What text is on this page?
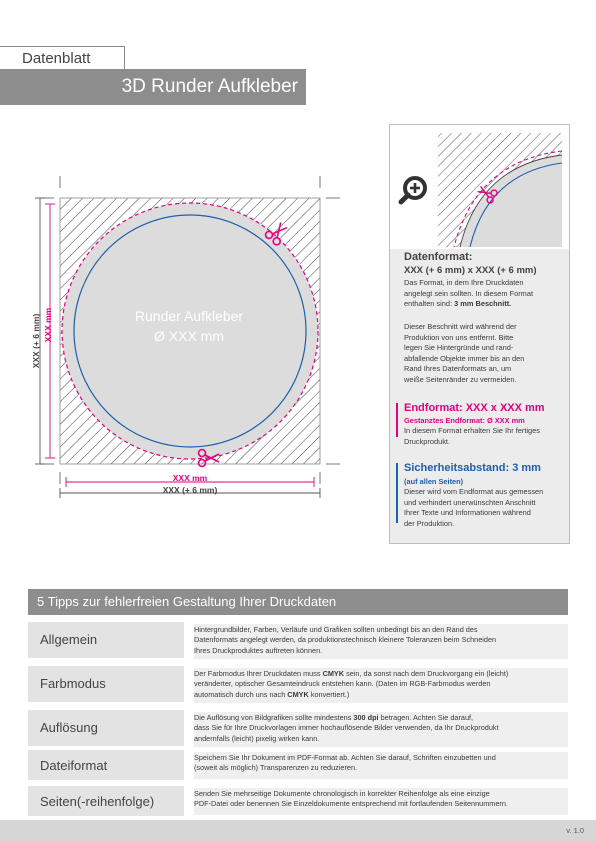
Datenblatt
3D Runder Aufkleber
Runder Aufkleber
Ø XXX mm
XXX mm
XXX (+ 6 mm)
XXX (+ 6 mm) XXX mm
Datenformat:
XXX (+ 6 mm) x XXX (+ 6 mm)
Das Format, in dem Ihre Druckdaten
angelegt sein sollten. In diesem Format
enthalten sind: 3 mm Beschnitt.
Dieser Beschnitt wird während der
Produktion von uns entfernt. Bitte
legen Sie Hintergründe und rand-
abfallende Objekte immer bis an den
Rand Ihres Datenformats an, um
weiße Seitenränder zu vermeiden.
Endformat: XXX x XXX mm
Gestanztes Endformat: Ø XXX mm
In diesem Format erhalten Sie Ihr fertiges
Druckprodukt.
Sicherheitsabstand: 3 mm
(auf allen Seiten)
Dieser wird vom Endformat aus gemessen
und verhindert unerwünschten Anschnitt
Ihrer Texte und Informationen während
der Produktion.
5 Tipps zur fehlerfreien Gestaltung Ihrer Druckdaten
Allgemein
Hintergrundbilder, Farben, Verläufe und Grafiken sollten unbedingt bis an den Rand des
Datenformats angelegt werden, da produktionstechnisch kleinere Toleranzen beim Schneiden
Ihres Druckproduktes auftreten können.
Farbmodus
Der Farbmodus Ihrer Druckdaten muss CMYK sein, da sonst nach dem Druckvorgang ein (leicht)
veränderter, optischer Gesamteindruck entstehen kann. (Daten im RGB-Farbmodus werden
automatisch durch uns nach CMYK konvertiert.)
Auflösung
Die Auflösung von Bildgrafiken sollte mindestens 300 dpi betragen. Achten Sie darauf,
dass Sie für Ihre Druckvorlagen immer hochauflösende Bilder verwenden, da Ihr Druckprodukt
andernfalls (leicht) pixelig wirken kann.
Dateiformat
Speichern Sie Ihr Dokument im PDF-Format ab. Achten Sie darauf, Schriften einzubetten und
(soweit als möglich) Transparenzen zu reduzieren.
Seiten(-reihenfolge)
Senden Sie mehrseitige Dokumente chronologisch in korrekter Reihenfolge als eine einzige
PDF-Datei oder benennen Sie Einzeldokumente entsprechend mit fortlaufenden Seitennummern.
v. 1.0
